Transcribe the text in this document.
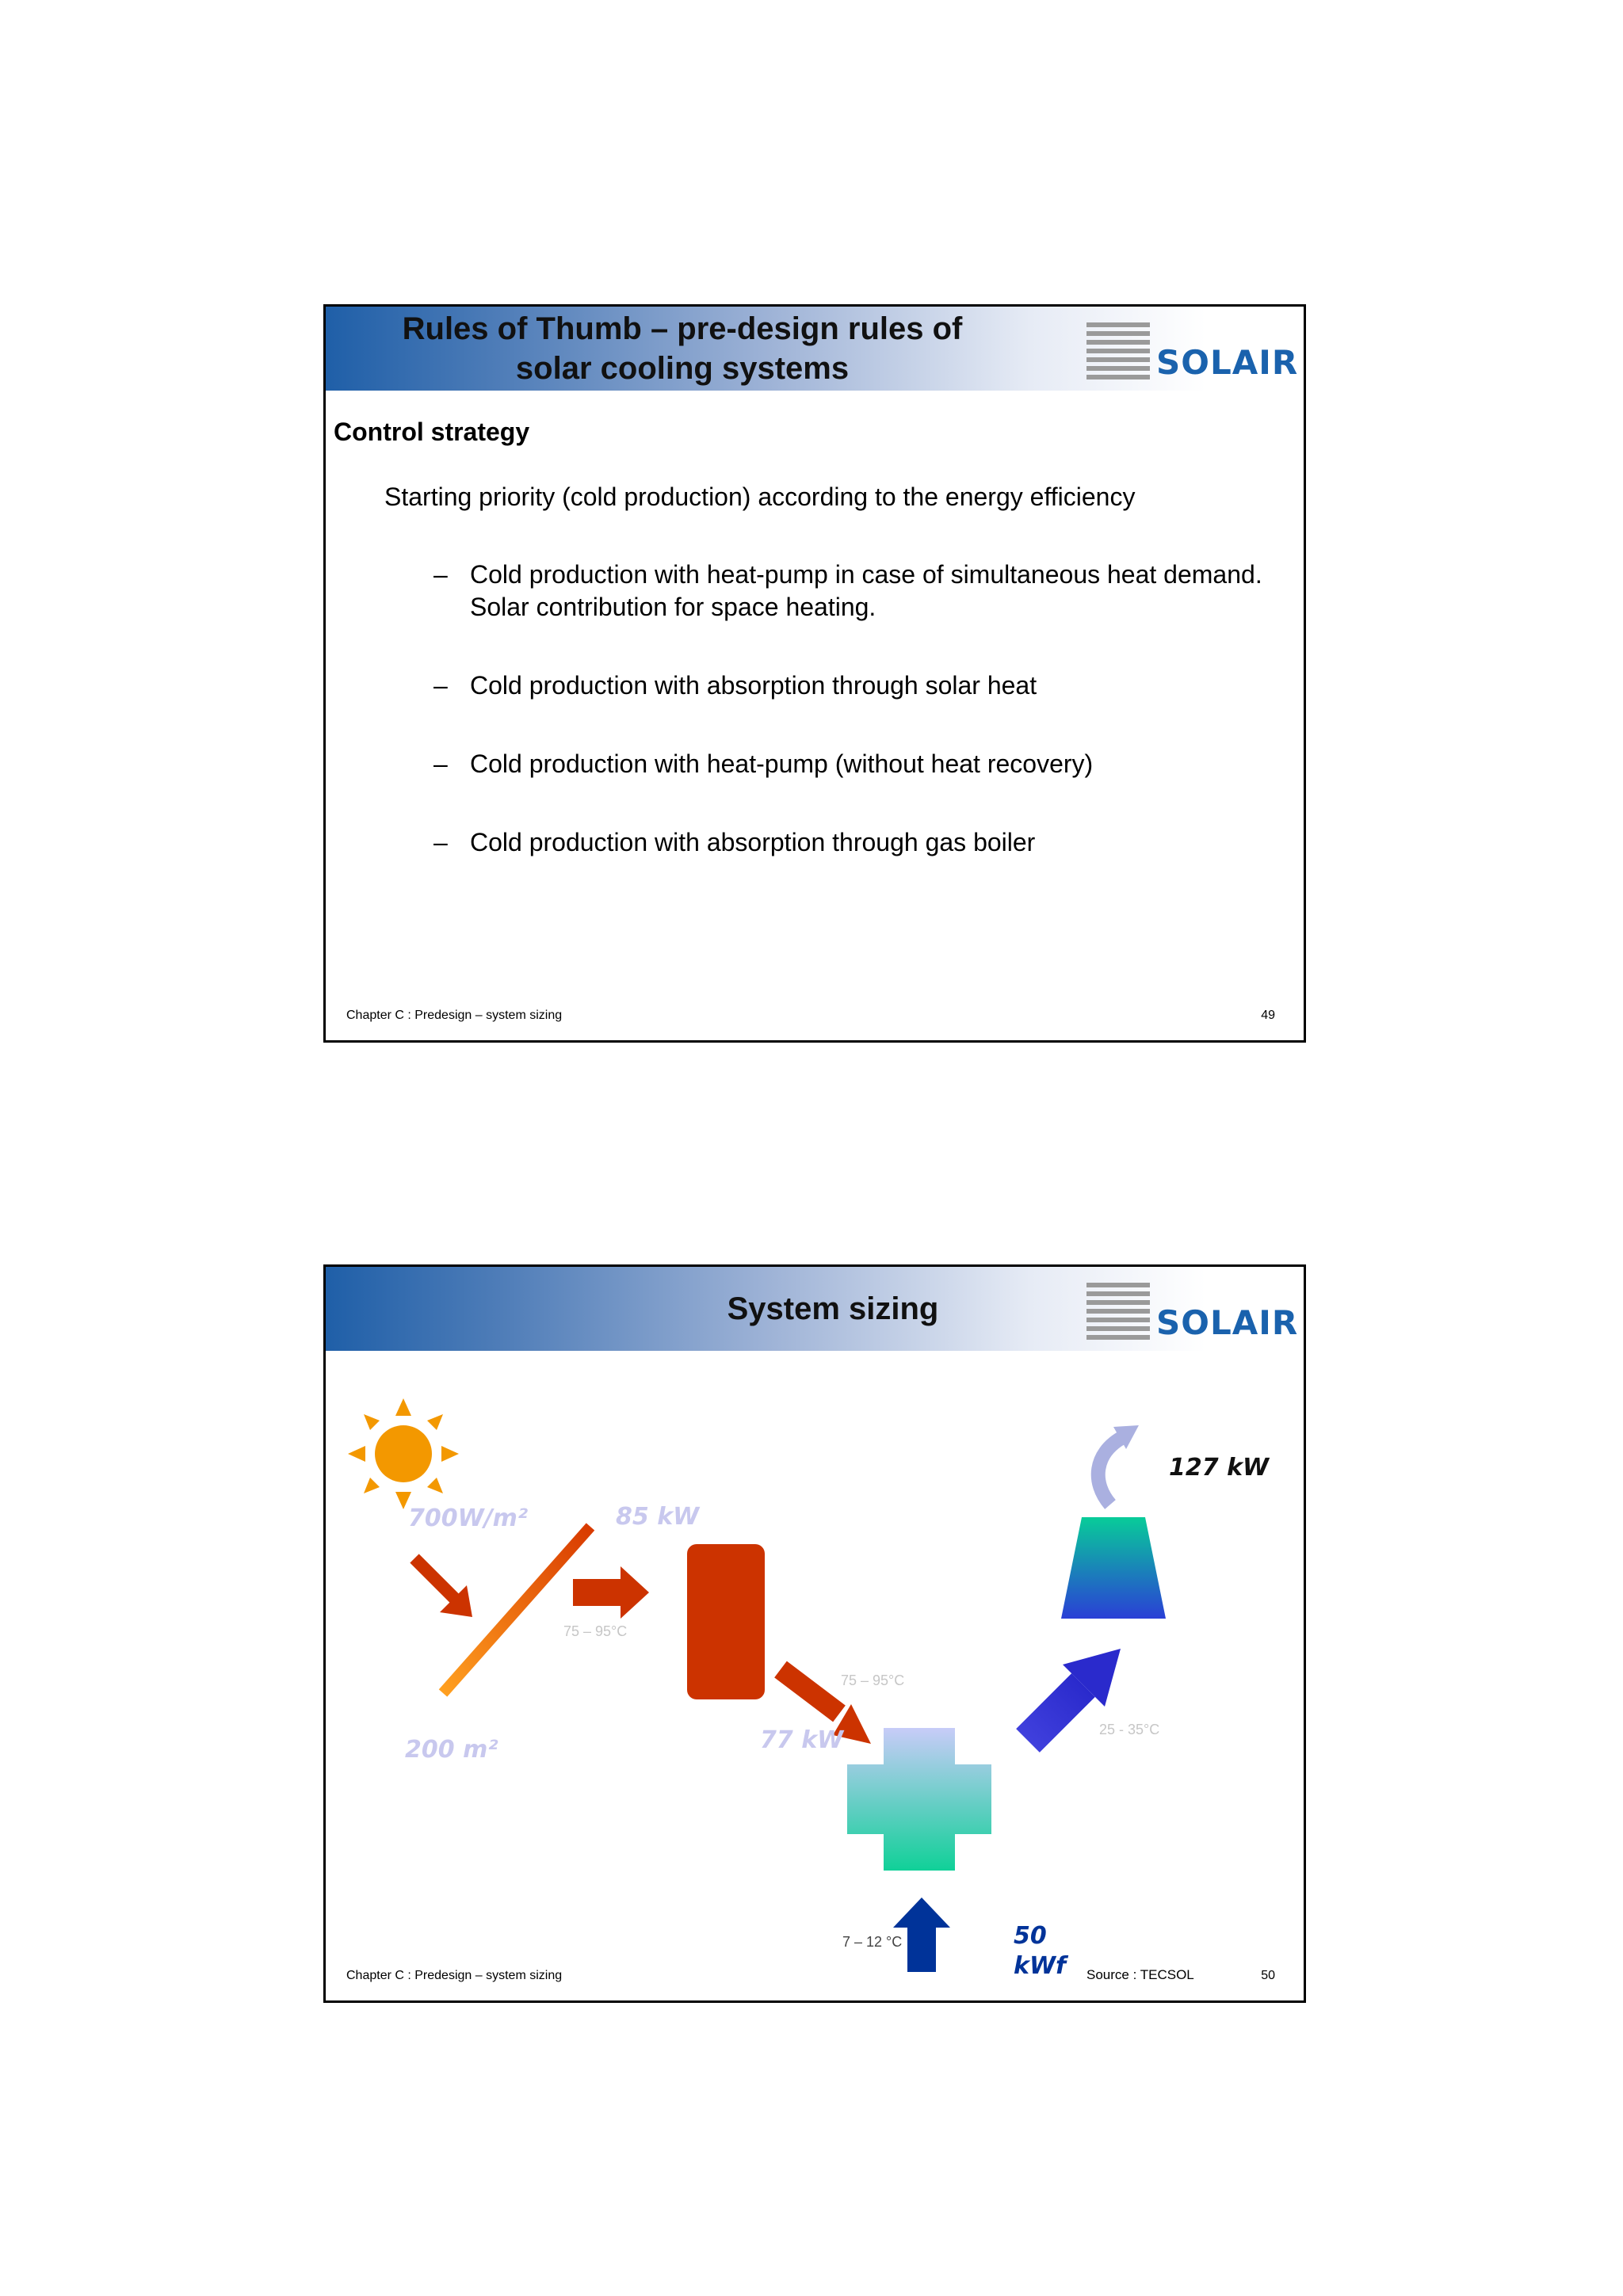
Rules of Thumb – pre-design rules of
solar cooling systems	SOLAIR
Control strategy
Starting priority (cold production) according to the energy efficiency
– Cold production with heat-pump in case of simultaneous heat demand. Solar contribution for space heating.
– Cold production with absorption through solar heat
– Cold production with heat-pump (without heat recovery)
– Cold production with absorption through gas boiler
Chapter C : Predesign – system sizing	49
System sizing	SOLAIR
700W/m²	85 kW
200 m²	77 kW
127 kW
50
kWf
75 – 95°C
75 – 95°C
25 - 35°C
7 – 12 °C
Source : TECSOL
Chapter C : Predesign – system sizing	50
